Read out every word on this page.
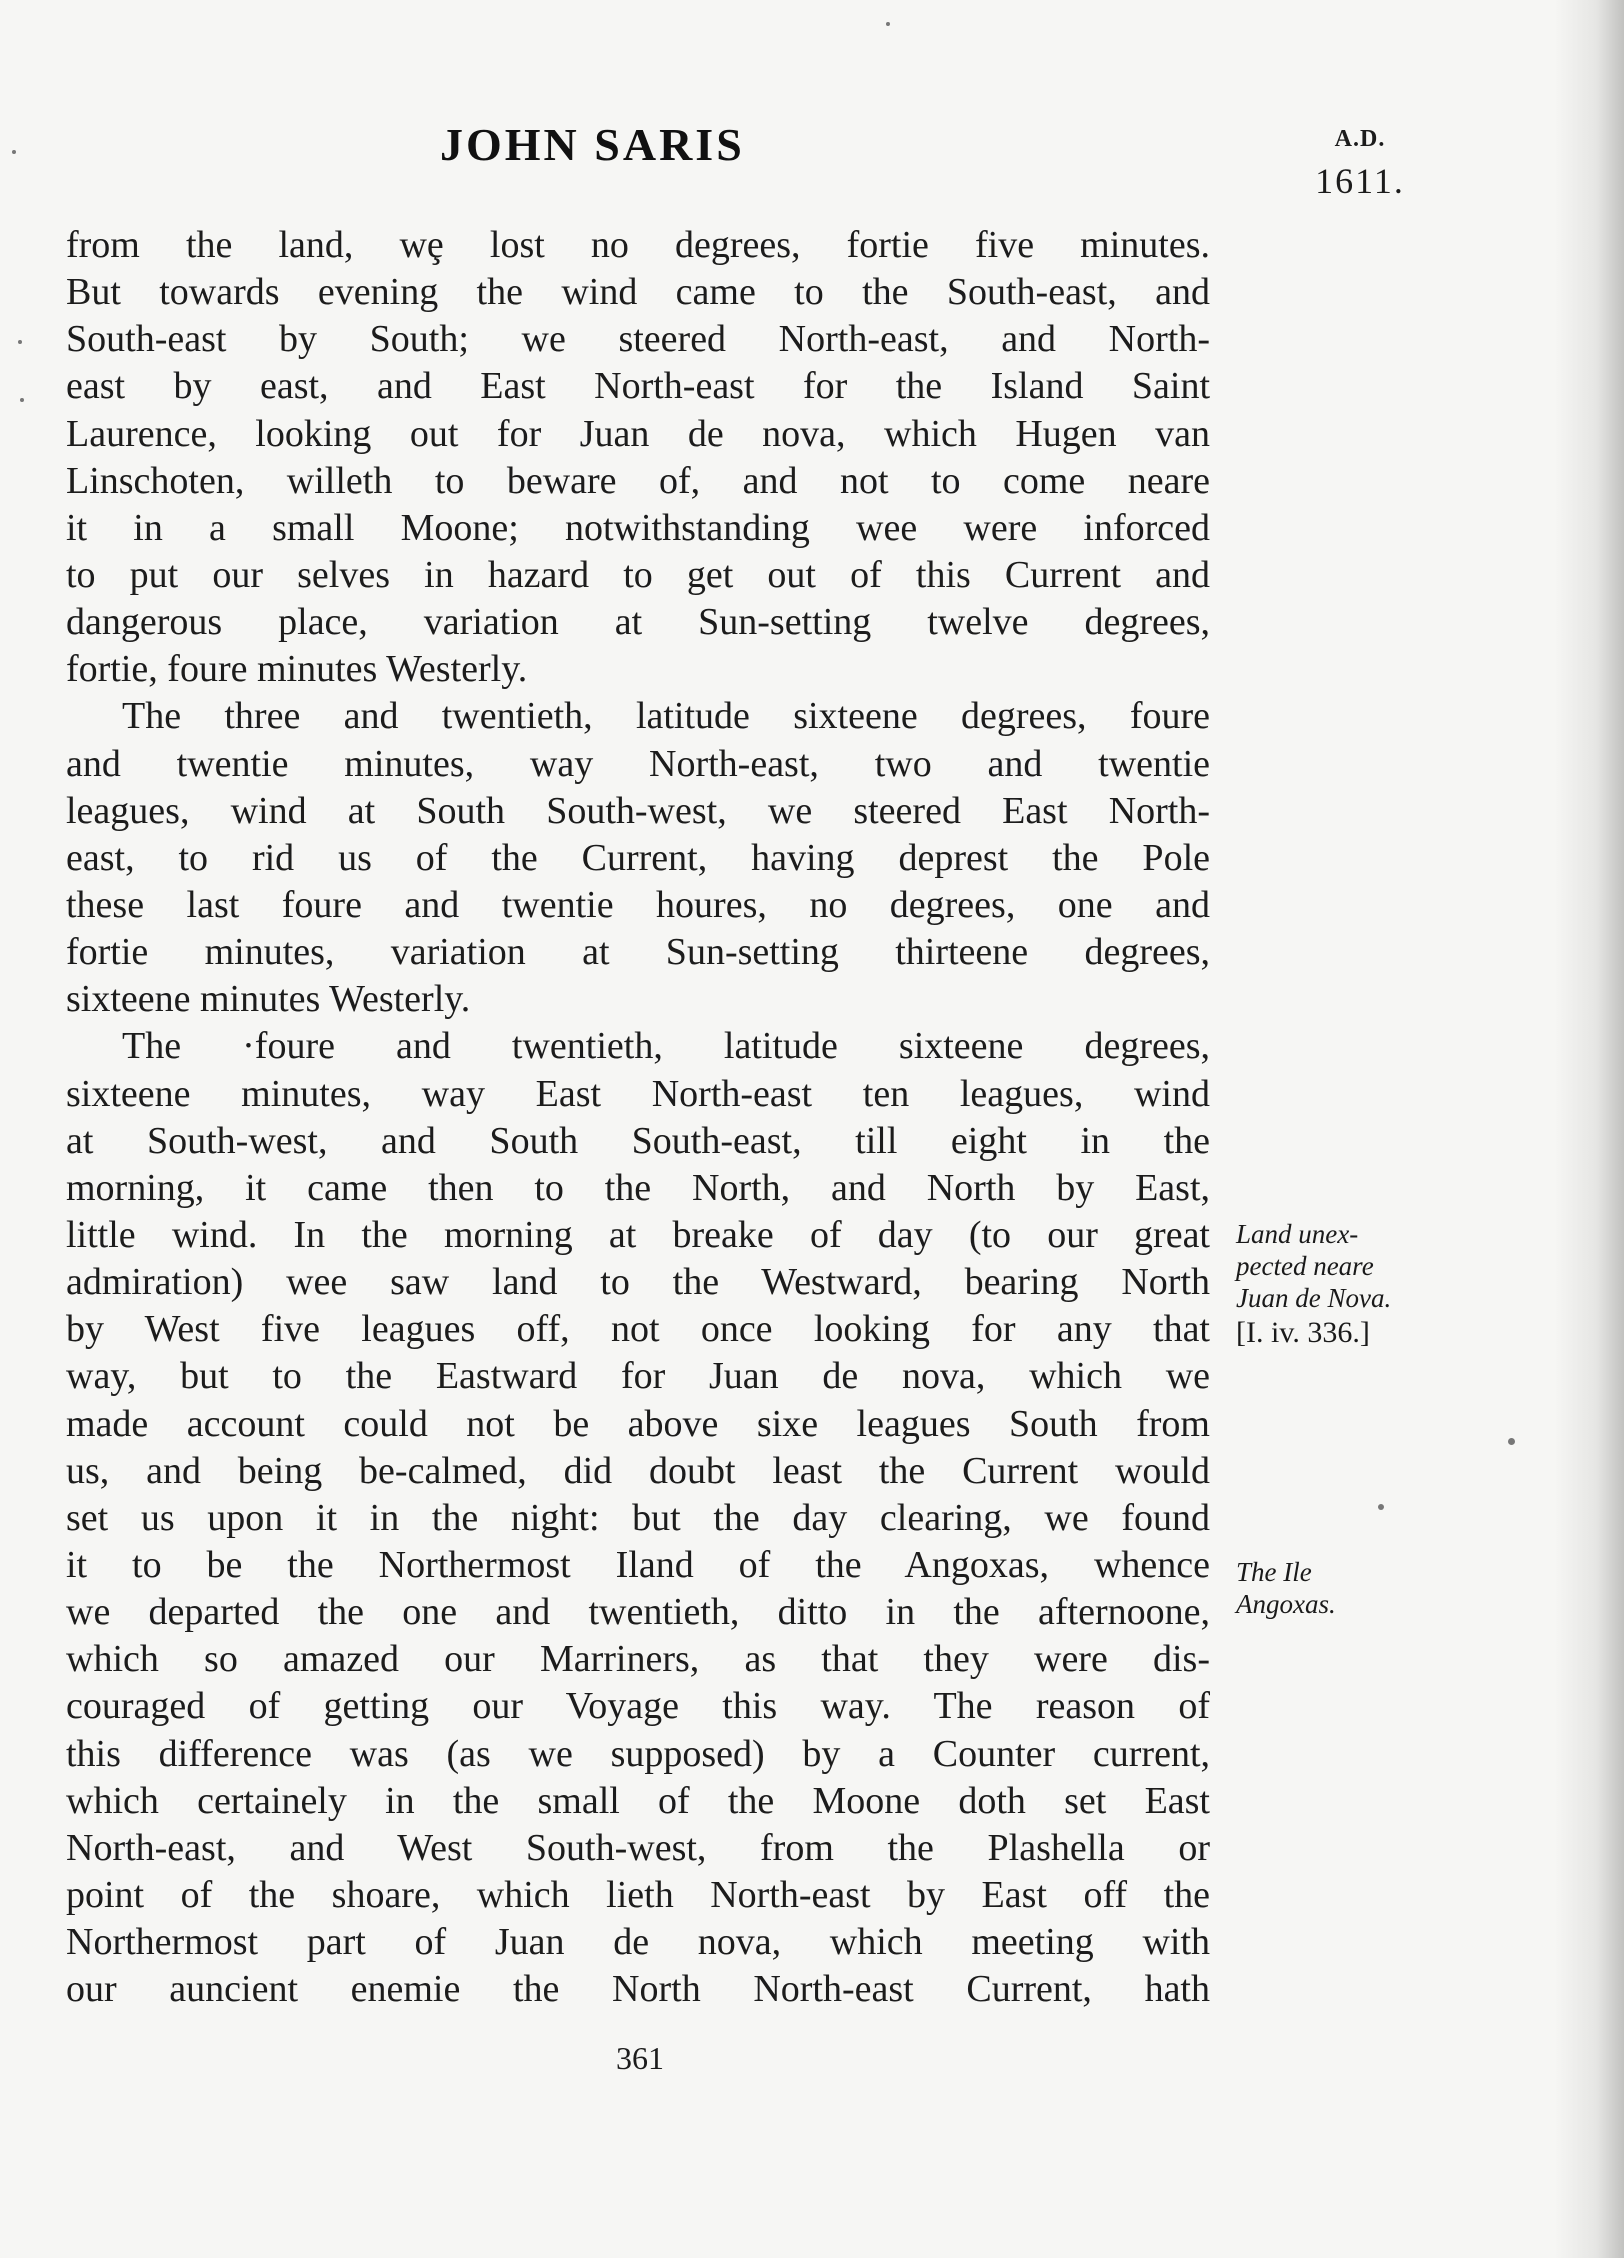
JOHN SARIS	A.D.
1611.
from the land, wȩ lost no degrees, fortie five minutes.
But towards evening the wind came to the South-east, and
South-east by South; we steered North-east, and North-
east by east, and East North-east for the Island Saint
Laurence, looking out for Juan de nova, which Hugen van
Linschoten, willeth to beware of, and not to come neare
it in a small Moone; notwithstanding wee were inforced
to put our selves in hazard to get out of this Current and
dangerous place, variation at Sun-setting twelve degrees,
fortie, foure minutes Westerly.
The three and twentieth, latitude sixteene degrees, foure
and twentie minutes, way North-east, two and twentie
leagues, wind at South South-west, we steered East North-
east, to rid us of the Current, having deprest the Pole
these last foure and twentie houres, no degrees, one and
fortie minutes, variation at Sun-setting thirteene degrees,
sixteene minutes Westerly.
The ·foure and twentieth, latitude sixteene degrees,
sixteene minutes, way East North-east ten leagues, wind
at South-west, and South South-east, till eight in the
morning, it came then to the North, and North by East,
little wind. In the morning at breake of day (to our great
admiration) wee saw land to the Westward, bearing North
by West five leagues off, not once looking for any that
way, but to the Eastward for Juan de nova, which we
made account could not be above sixe leagues South from
us, and being be-calmed, did doubt least the Current would
set us upon it in the night: but the day clearing, we found
it to be the Northermost Iland of the Angoxas, whence
we departed the one and twentieth, ditto in the afternoone,
which so amazed our Marriners, as that they were dis-
couraged of getting our Voyage this way. The reason of
this difference was (as we supposed) by a Counter current,
which certainely in the small of the Moone doth set East
North-east, and West South-west, from the Plashella or
point of the shoare, which lieth North-east by East off the
Northermost part of Juan de nova, which meeting with
our auncient enemie the North North-east Current, hath
Land unex-
pected neare
Juan de Nova.
[I. iv. 336.]
The Ile
Angoxas.
361
